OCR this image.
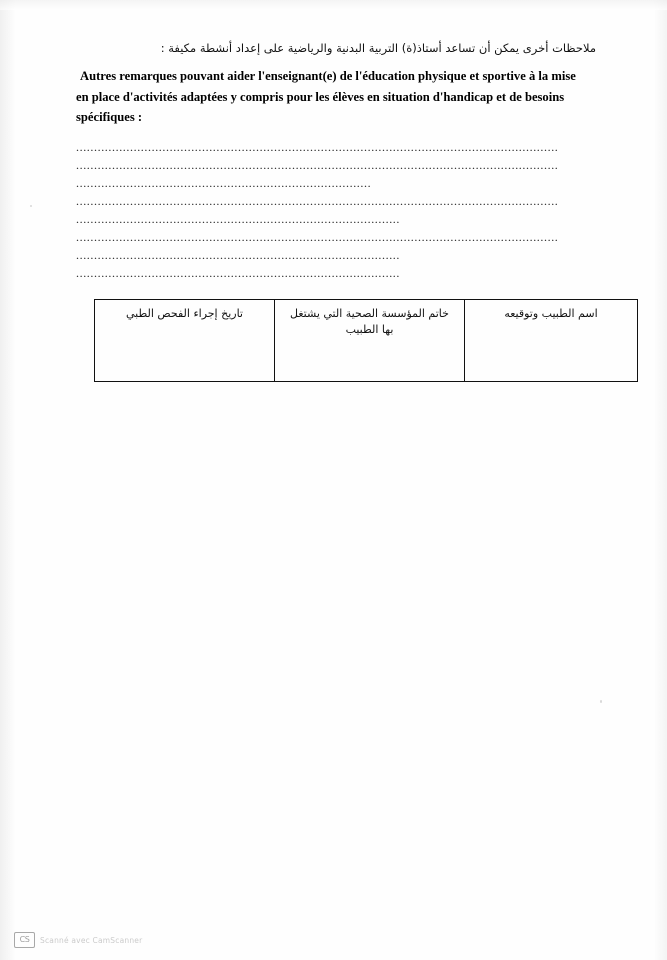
ملاحظات أخرى يمكن أن تساعد أستاذ(ة) التربية البدنية والرياضية على إعداد أنشطة مكيفة :

Autres remarques pouvant aider l'enseignant(e) de l'éducation physique et sportive à la mise
en place d'activités adaptées y compris pour les élèves en situation d'handicap et de besoins
spécifiques :
......................................................................................................................................
......................................................................................................................................
..................................................................................
......................................................................................................................................
..........................................................................................
......................................................................................................................................
..........................................................................................
..........................................................................................
تاريخ إجراء الفحص الطبي	خاتم المؤسسة الصحية التي يشتغل بها الطبيب	اسم الطبيب وتوقيعه
CS	Scanné avec CamScanner
